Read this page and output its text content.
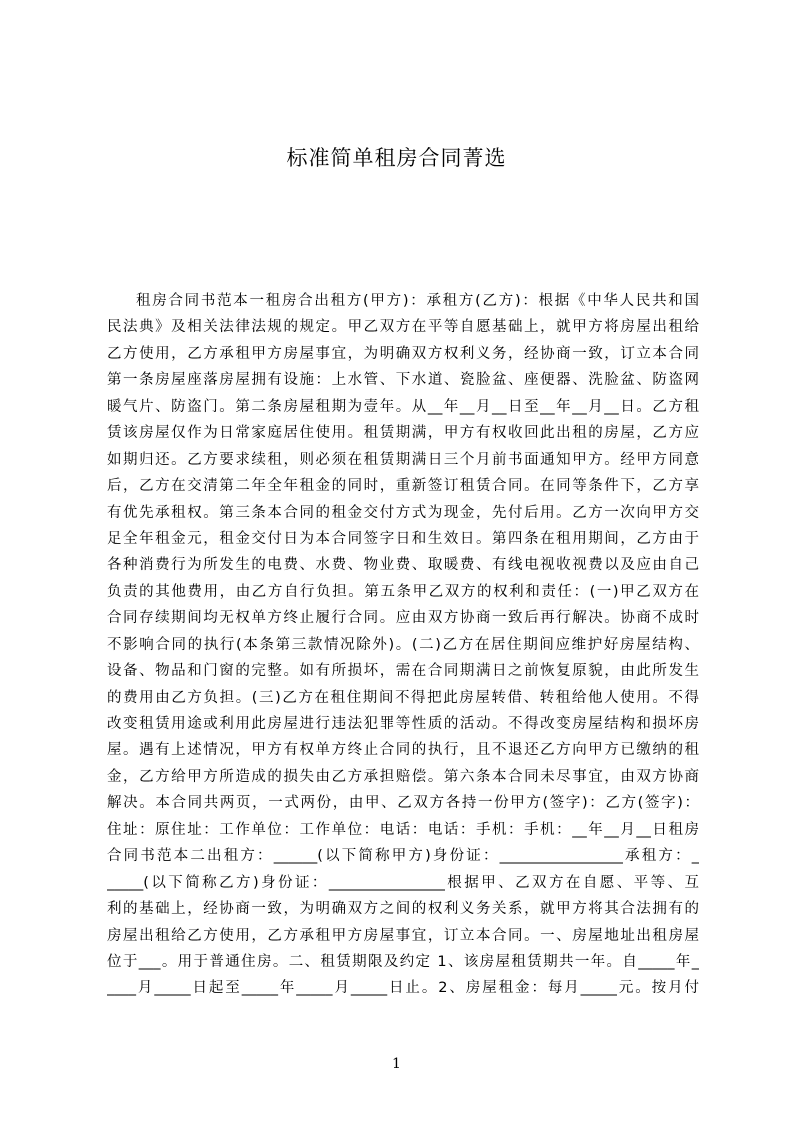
标准简单租房合同菁选
租房合同书范本一租房合出租方(甲方)：承租方(乙方)：根据《中华人民共和国
民法典》及相关法律法规的规定。甲乙双方在平等自愿基础上，就甲方将房屋出租给
乙方使用，乙方承租甲方房屋事宜，为明确双方权利义务，经协商一致，订立本合同
第一条房屋座落房屋拥有设施：上水管、下水道、瓷脸盆、座便器、洗脸盆、防盗网
暖气片、防盗门。第二条房屋租期为壹年。从__年__月__日至__年__月__日。乙方租
赁该房屋仅作为日常家庭居住使用。租赁期满，甲方有权收回此出租的房屋，乙方应
如期归还。乙方要求续租，则必须在租赁期满日三个月前书面通知甲方。经甲方同意
后，乙方在交清第二年全年租金的同时，重新签订租赁合同。在同等条件下，乙方享
有优先承租权。第三条本合同的租金交付方式为现金，先付后用。乙方一次向甲方交
足全年租金元，租金交付日为本合同签字日和生效日。第四条在租用期间，乙方由于
各种消费行为所发生的电费、水费、物业费、取暖费、有线电视收视费以及应由自己
负责的其他费用，由乙方自行负担。第五条甲乙双方的权利和责任：(一)甲乙双方在
合同存续期间均无权单方终止履行合同。应由双方协商一致后再行解决。协商不成时
不影响合同的执行(本条第三款情况除外)。(二)乙方在居住期间应维护好房屋结构、
设备、物品和门窗的完整。如有所损坏，需在合同期满日之前恢复原貌，由此所发生
的费用由乙方负担。(三)乙方在租住期间不得把此房屋转借、转租给他人使用。不得
改变租赁用途或利用此房屋进行违法犯罪等性质的活动。不得改变房屋结构和损坏房
屋。遇有上述情况，甲方有权单方终止合同的执行，且不退还乙方向甲方已缴纳的租
金，乙方给甲方所造成的损失由乙方承担赔偿。第六条本合同未尽事宜，由双方协商
解决。本合同共两页，一式两份，由甲、乙双方各持一份甲方(签字)：乙方(签字)：
住址：原住址：工作单位：工作单位：电话：电话：手机：手机：__年__月__日租房
合同书范本二出租方：______(以下简称甲方)身份证：_________________承租方：_
_____(以下简称乙方)身份证：________________根据甲、乙双方在自愿、平等、互
利的基础上，经协商一致，为明确双方之间的权利义务关系，就甲方将其合法拥有的
房屋出租给乙方使用，乙方承租甲方房屋事宜，订立本合同。一、房屋地址出租房屋
位于___。用于普通住房。二、租赁期限及约定 1、该房屋租赁期共一年。自_____年_
____月_____日起至_____年_____月_____日止。2、房屋租金：每月_____元。按月付
1
